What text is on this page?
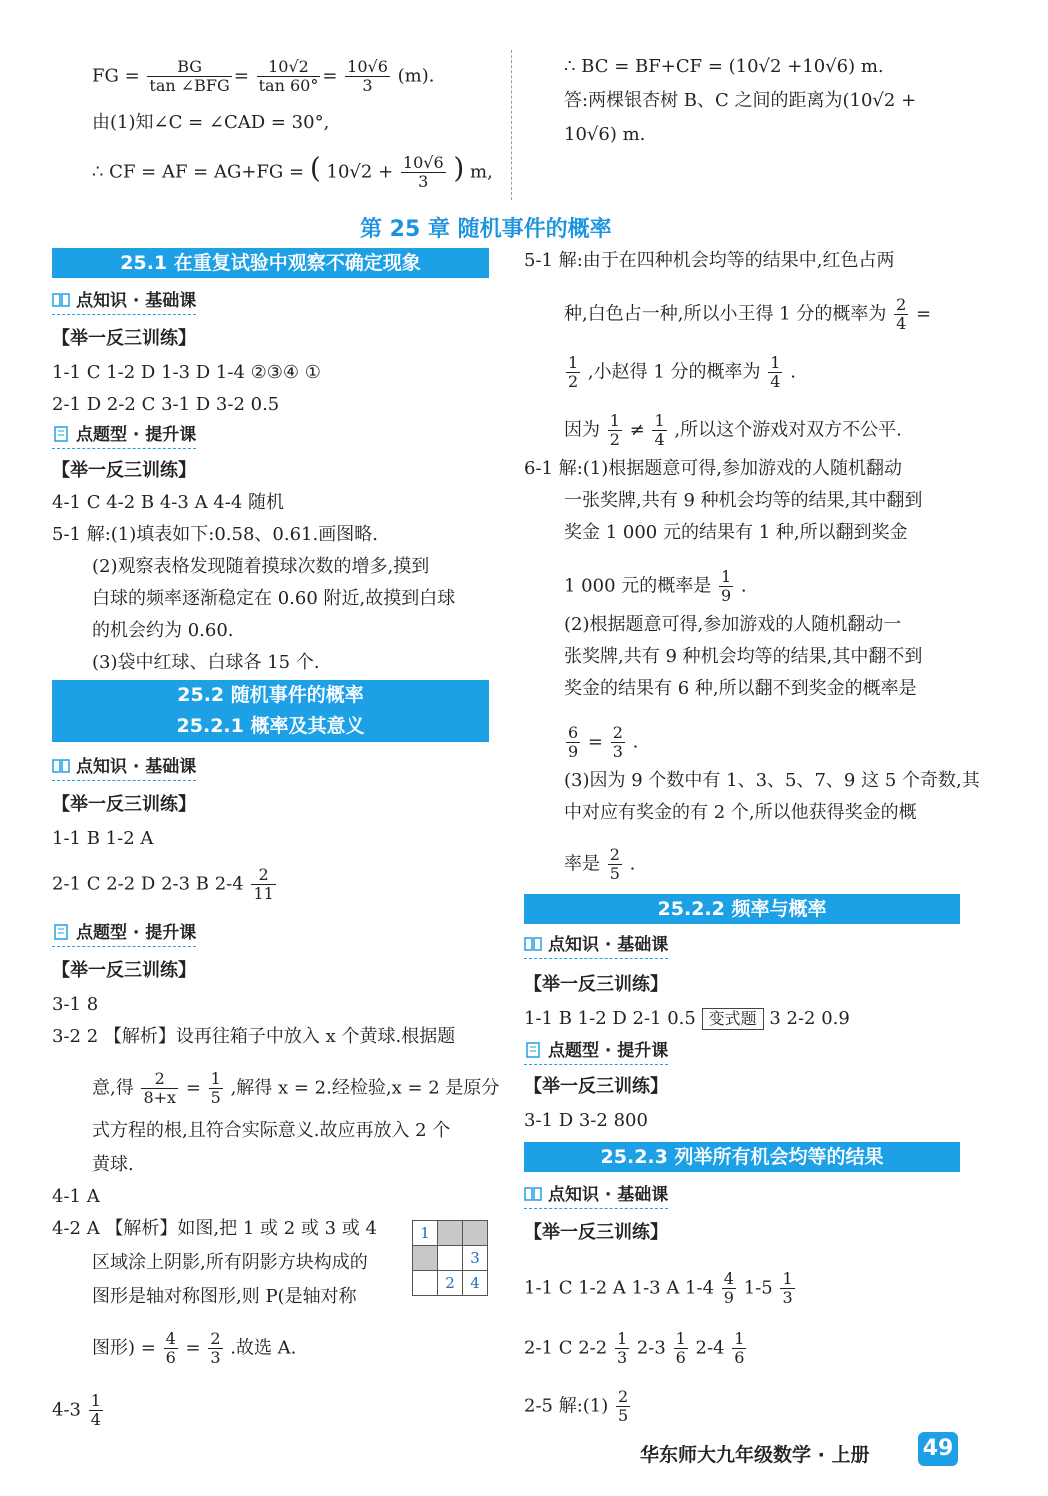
FG = $\frac{BG}{\text{tan ∠BFG}} = \frac{10√2}{\tan 60^\circ} = \frac{10√6}{3} (m)$.
由(1)知∠C = ∠CAD = 30°,
∴ CF = AF = AG+FG = ( $10√2 + \frac{10√6}{3}$ ) m,
∴ BC = BF+CF = (10√2 +10√6) m.
答:两棵银杏树 B、C 之间的距离为(10√2 +
10√6) m.
第 25 章 随机事件的概率
25.1 在重复试验中观察不确定现象
点知识 · 基础课
【举一反三训练】
1-1 C 1-2 D 1-3 D 1-4 ②③④ ①
2-1 D 2-2 C 3-1 D 3-2 0.5
点题型 · 提升课
【举一反三训练】
4-1 C 4-2 B 4-3 A 4-4 随机
5-1 解:(1)填表如下:0.58、0.61.画图略.
(2)观察表格发现随着摸球次数的增多,摸到
白球的频率逐渐稳定在 0.60 附近,故摸到白球
的机会约为 0.60.
(3)袋中红球、白球各 15 个.
25.2 随机事件的概率
25.2.1 概率及其意义
点知识 · 基础课
【举一反三训练】
1-1 B 1-2 A
2-1 C 2-2 D 2-3 B $2-4 \frac{2}{11}$
点题型 · 提升课
【举一反三训练】
3-1 8
3-2 2 【解析】设再往箱子中放入 x 个黄球.根据题
意,得 $\frac{2}{8+x} = \frac{1}{5}$ ,解得 x = 2.经检验,x = 2 是原分
式方程的根,且符合实际意义.故应再放入 2 个
黄球.
4-1 A
4-2 A 【解析】如图,把 1 或 2 或 3 或 4
区域涂上阴影,所有阴影方块构成的
图形是轴对称图形,则 P(是轴对称
图形) = $\frac{4}{6} = \frac{2}{3}$ .故选 A.
$4-3 \frac{1}{4}$
1		
		3
	2	4
5-1 解:由于在四种机会均等的结果中,红色占两
种,白色占一种,所以小王得 1 分的概率为 $\frac{2}{4}$ =
$\frac{1}{2}$ ,小赵得 1 分的概率为 $\frac{1}{4}$ .
因为 $\frac{1}{2} \ne \frac{1}{4}$ ,所以这个游戏对双方不公平.
6-1 解:(1)根据题意可得,参加游戏的人随机翻动
一张奖牌,共有 9 种机会均等的结果,其中翻到
奖金 1 000 元的结果有 1 种,所以翻到奖金
1 000 元的概率是 $\frac{1}{9}$ .
(2)根据题意可得,参加游戏的人随机翻动一
张奖牌,共有 9 种机会均等的结果,其中翻不到
奖金的结果有 6 种,所以翻不到奖金的概率是
$\frac{6}{9} = \frac{2}{3}$ .
(3)因为 9 个数中有 1、3、5、7、9 这 5 个奇数,其
中对应有奖金的有 2 个,所以他获得奖金的概
率是 $\frac{2}{5}$ .
25.2.2 频率与概率
点知识 · 基础课
【举一反三训练】
1-1 B 1-2 D 2-1 0.5 变式题 3 2-2 0.9
点题型 · 提升课
【举一反三训练】
3-1 D 3-2 800
25.2.3 列举所有机会均等的结果
点知识 · 基础课
【举一反三训练】
1-1 C 1-2 A 1-3 A $1-4 \frac{4}{9} 1-5 \frac{1}{3}$
2-1 C $2-2 \frac{1}{3} 2-3 \frac{1}{6} 2-4 \frac{1}{6}$
2-5 解:(1) $\frac{2}{5}$
华东师大九年级数学 · 上册 49
